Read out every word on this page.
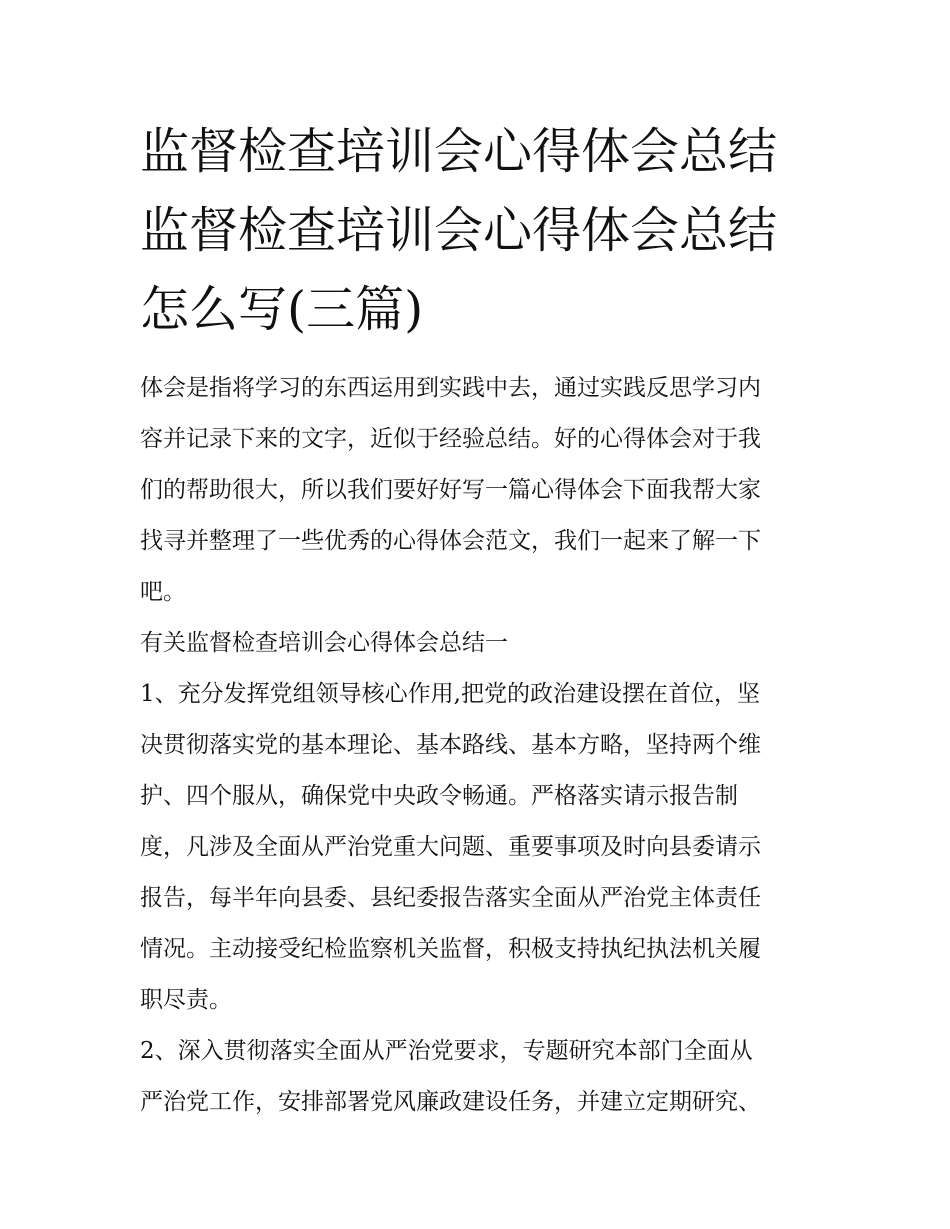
监督检查培训会心得体会总结
监督检查培训会心得体会总结
怎么写(三篇)

体会是指将学习的东西运用到实践中去，通过实践反思学习内
容并记录下来的文字，近似于经验总结。好的心得体会对于我
们的帮助很大，所以我们要好好写一篇心得体会下面我帮大家
找寻并整理了一些优秀的心得体会范文，我们一起来了解一下
吧。

有关监督检查培训会心得体会总结一

1、充分发挥党组领导核心作用,把党的政治建设摆在首位，坚
决贯彻落实党的基本理论、基本路线、基本方略，坚持两个维
护、四个服从，确保党中央政令畅通。严格落实请示报告制
度，凡涉及全面从严治党重大问题、重要事项及时向县委请示
报告，每半年向县委、县纪委报告落实全面从严治党主体责任
情况。主动接受纪检监察机关监督，积极支持执纪执法机关履
职尽责。

2、深入贯彻落实全面从严治党要求，专题研究本部门全面从
严治党工作，安排部署党风廉政建设任务，并建立定期研究、
